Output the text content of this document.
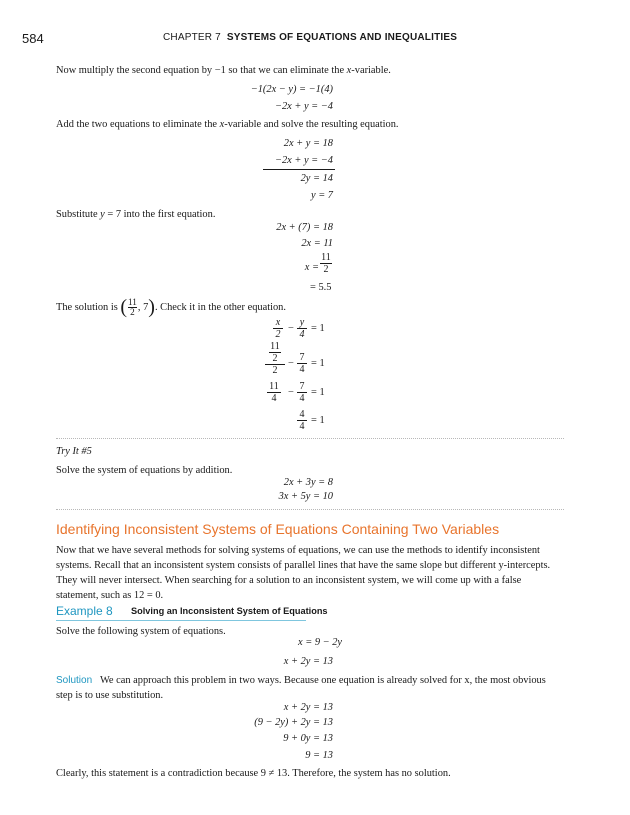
584	CHAPTER 7 SYSTEMS OF EQUATIONS AND INEQUALITIES

Now multiply the second equation by −1 so that we can eliminate the x-variable.

−1(2x − y) = −1(4)
−2x + y = −4

Add the two equations to eliminate the x-variable and solve the resulting equation.

2x + y = 18
−2x + y = −4
2y = 14
y = 7

Substitute y = 7 into the first equation.

2x + (7) = 18
2x = 11
x =
11
2
= 5.5

The solution is ( $\frac{11}{2}$ , 7). Check it in the other equation.

x
2
−
y
4
= 1
11
2
2
−
7
4
= 1
11
4
−
7
4
= 1
4
4
= 1
Try It #5

Solve the system of equations by addition.

2x + 3y = 8
3x + 5y = 10
Identifying Inconsistent Systems of Equations Containing Two Variables

Now that we have several methods for solving systems of equations, we can use the methods to identify inconsistent systems. Recall that an inconsistent system consists of parallel lines that have the same slope but different y-intercepts. They will never intersect. When searching for a solution to an inconsistent system, we will come up with a false statement, such as 12 = 0.

Example 8 Solving an Inconsistent System of Equations

Solve the following system of equations.

x = 9 − 2y
x + 2y = 13

Solution We can approach this problem in two ways. Because one equation is already solved for x, the most obvious step is to use substitution.

x + 2y = 13
(9 − 2y) + 2y = 13
9 + 0y = 13
9 = 13

Clearly, this statement is a contradiction because 9 ≠ 13. Therefore, the system has no solution.
